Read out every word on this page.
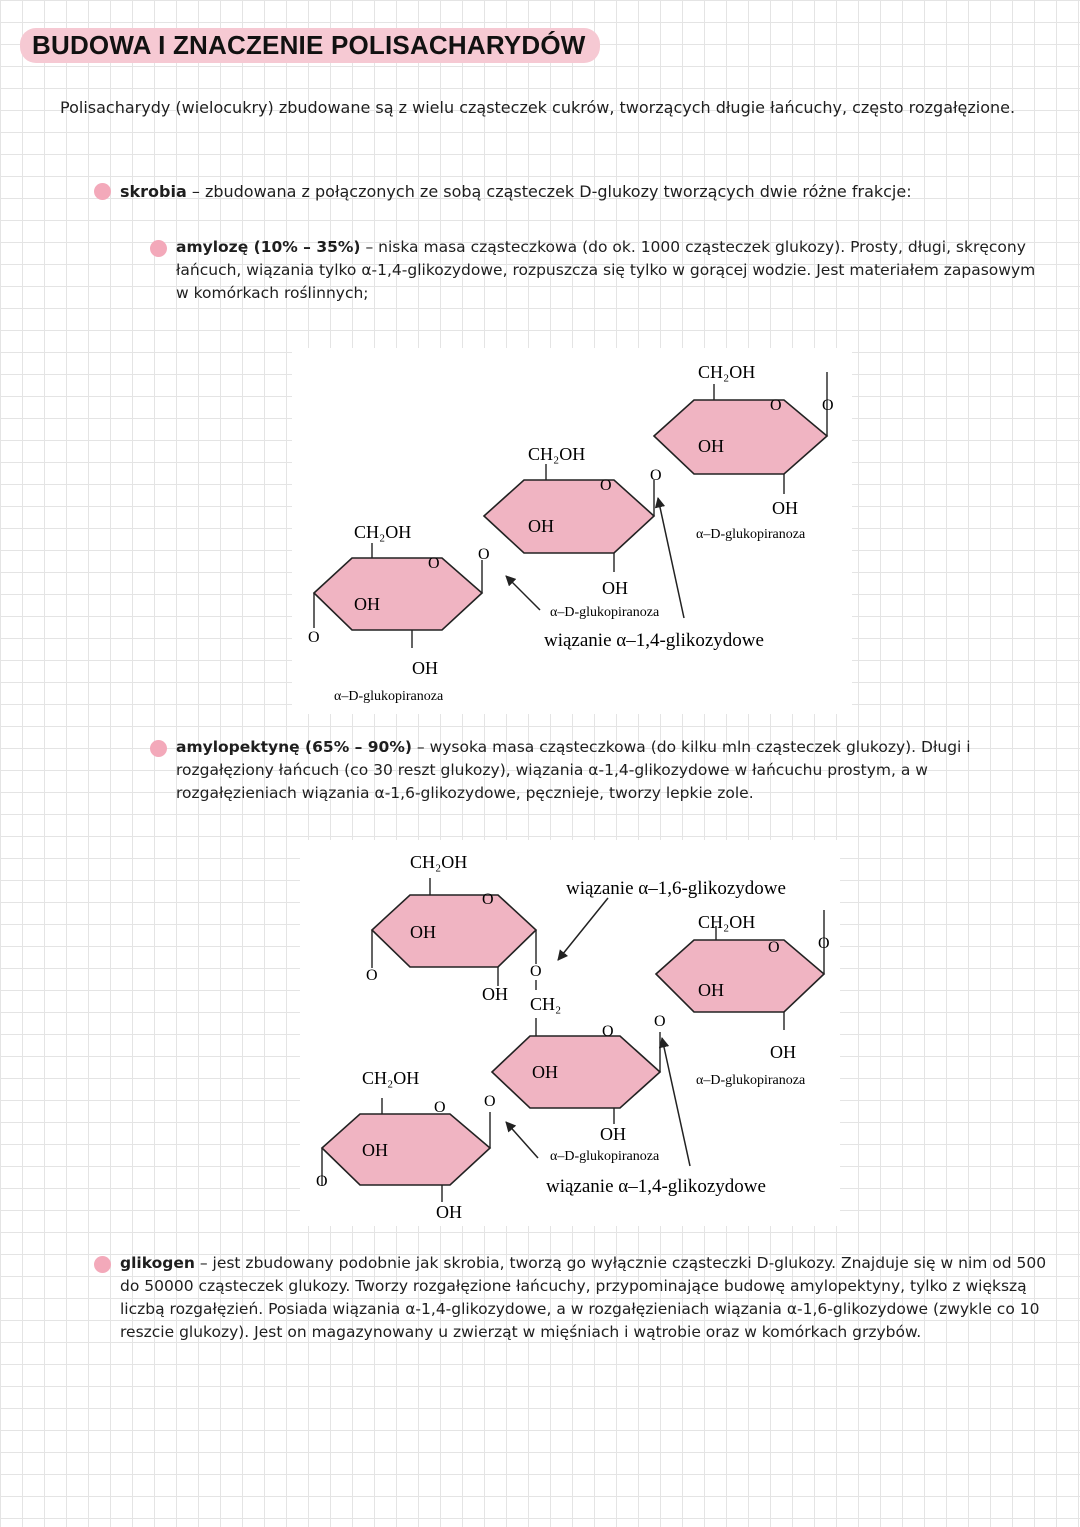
BUDOWA I ZNACZENIE POLISACHARYDÓW
Polisacharydy (wielocukry) zbudowane są z wielu cząsteczek cukrów, tworzących długie łańcuchy, często rozgałęzione.
skrobia – zbudowana z połączonych ze sobą cząsteczek D-glukozy tworzących dwie różne frakcje:
amylozę (10% – 35%) – niska masa cząsteczkowa (do ok. 1000 cząsteczek glukozy). Prosty, długi, skręcony łańcuch, wiązania tylko α-1,4-glikozydowe, rozpuszcza się tylko w gorącej wodzie. Jest materiałem zapasowym w komórkach roślinnych;
CH₂OH
OH
O
O
O
OH
α–D-glukopiranoza
CH₂OH
OH
O
O
OH
α–D-glukopiranoza
CH₂OH
OH
O	O
OH
α–D-glukopiranoza
wiązanie α–1,4-glikozydowe
amylopektynę (65% – 90%) – wysoka masa cząsteczkowa (do kilku mln cząsteczek glukozy). Długi i rozgałęziony łańcuch (co 30 reszt glukozy), wiązania α-1,4-glikozydowe w łańcuchu prostym, a w rozgałęzieniach wiązania α-1,6-glikozydowe, pęcznieje, tworzy lepkie zole.
CH₂OH
OH
O
O	O
OH CH₂
CH₂OH
OH
O
O
O
OH
OH
O
O
OH
α–D-glukopiranoza
CH₂OH
OH
O O
OH
α–D-glukopiranoza
wiązanie α–1,6-glikozydowe
wiązanie α–1,4-glikozydowe
glikogen – jest zbudowany podobnie jak skrobia, tworzą go wyłącznie cząsteczki D-glukozy. Znajduje się w nim od 500 do 50000 cząsteczek glukozy. Tworzy rozgałęzione łańcuchy, przypominające budowę amylopektyny, tylko z większą liczbą rozgałęzień. Posiada wiązania α-1,4-glikozydowe, a w rozgałęzieniach wiązania α-1,6-glikozydowe (zwykle co 10 reszcie glukozy). Jest on magazynowany u zwierząt w mięśniach i wątrobie oraz w komórkach grzybów.
